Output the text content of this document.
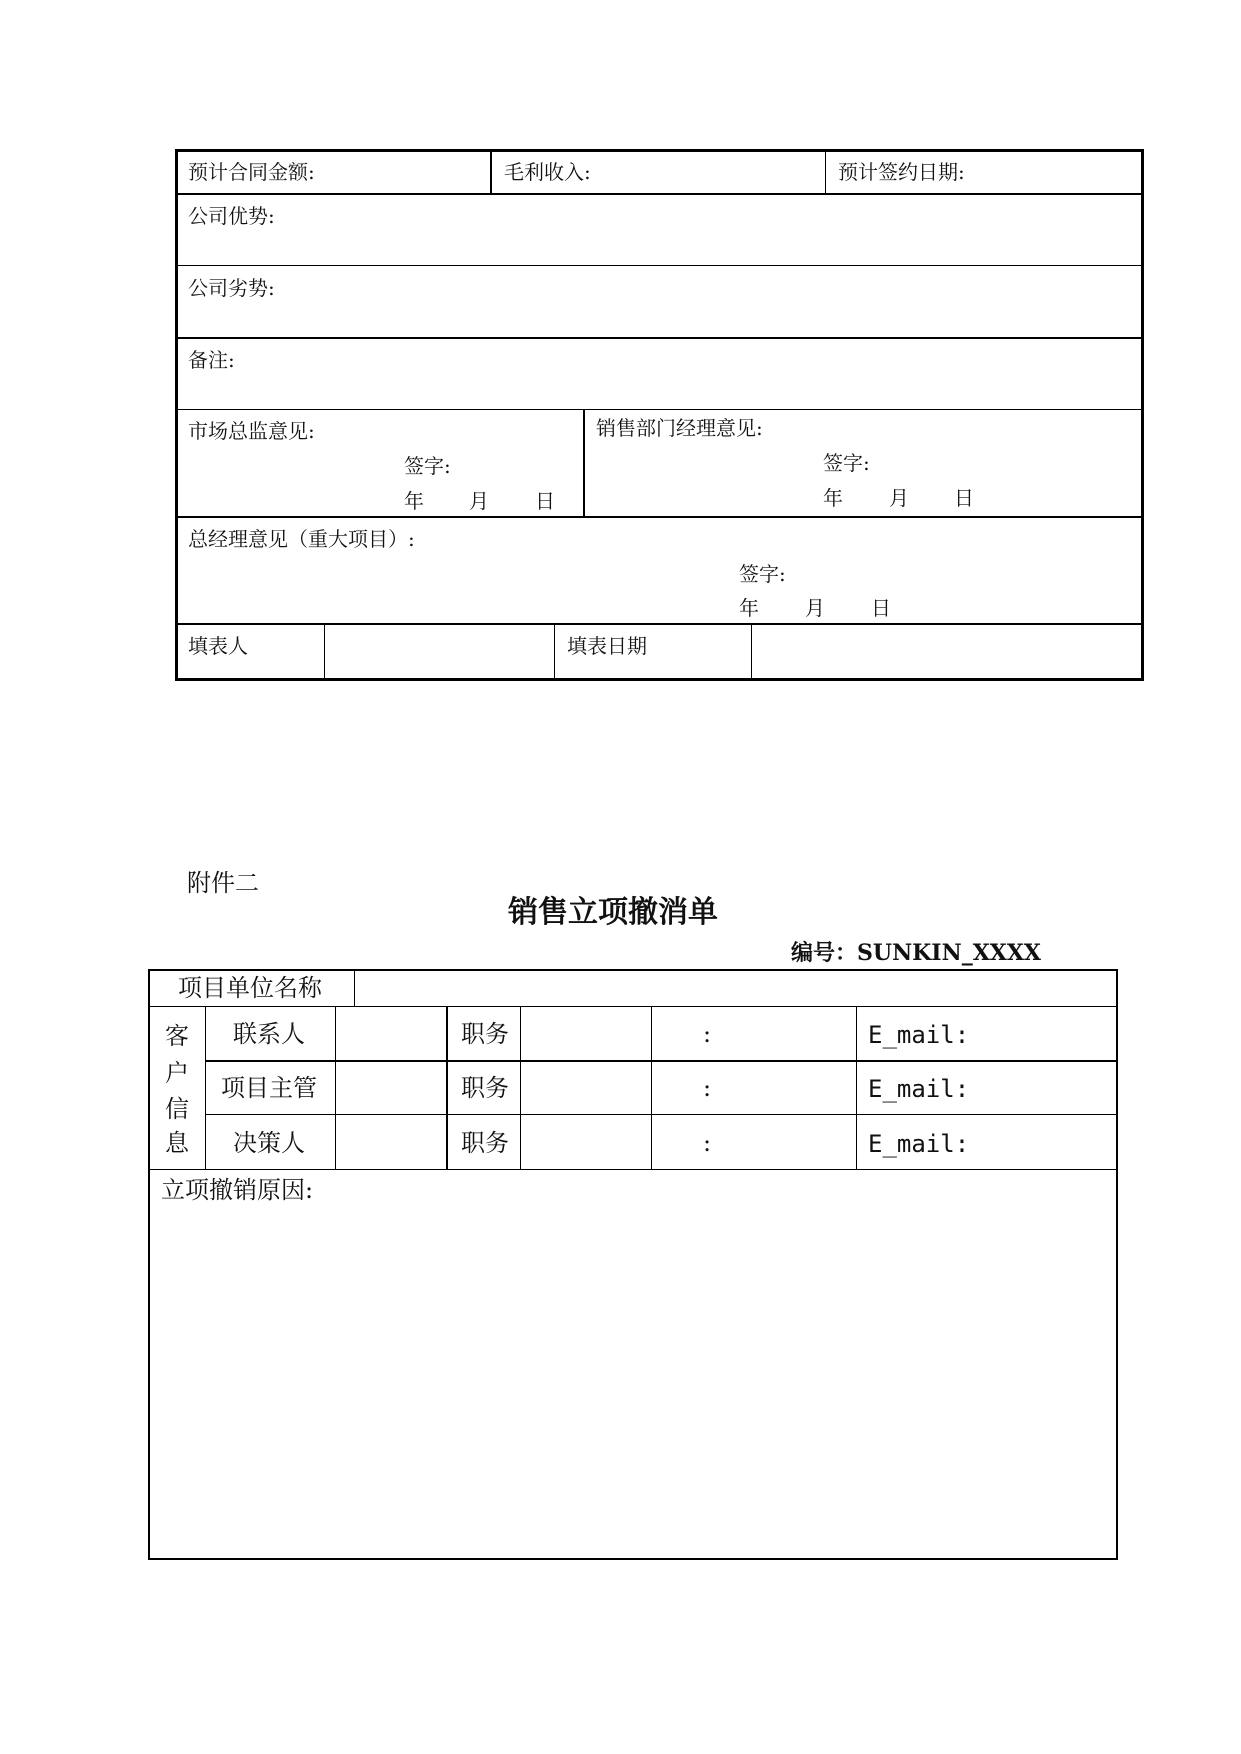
预计合同金额:	毛利收入:	预计签约日期:
公司优势:
公司劣势:
备注:
市场总监意见:
签字:
年 月 日
销售部门经理意见:
签字:
年 月 日
总经理意见（重大项目）:
签字:
年 月 日
填表人	填表日期
附件二
销售立项撤消单
编号：SUNKIN_XXXX
项目单位名称
客
户
信
息
联系人	职务	:	E_mail:
项目主管	职务	:	E_mail:
决策人	职务	:	E_mail:
立项撤销原因:
